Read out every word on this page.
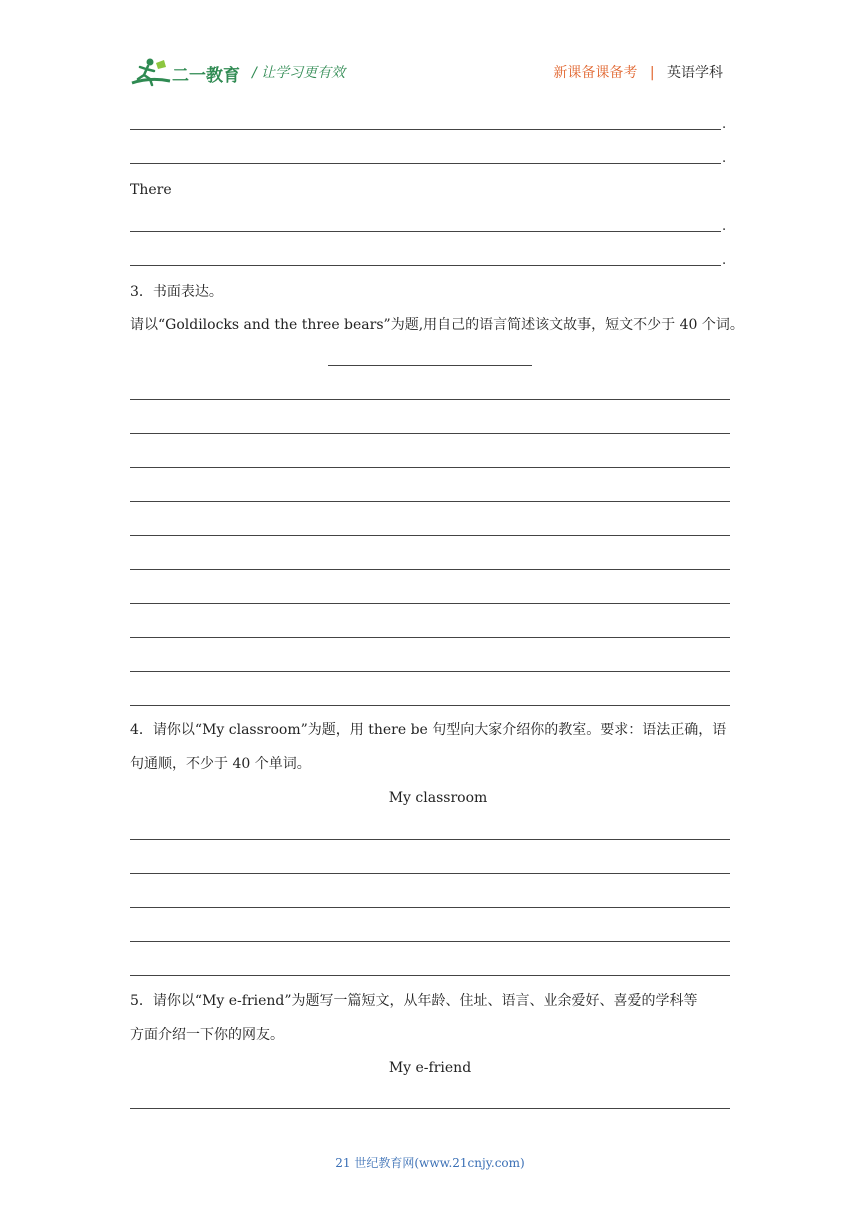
二一教育 / 让学习更有效	新课备课备考 | 英语学科
.
.
There
.
.
3．书面表达。
请以“Goldilocks and the three bears”为题,用自己的语言简述该文故事，短文不少于 40 个词。
4．请你以“My classroom”为题，用 there be 句型向大家介绍你的教室。要求：语法正确，语
句通顺，不少于 40 个单词。
My classroom
5．请你以“My e-friend”为题写一篇短文，从年龄、住址、语言、业余爱好、喜爱的学科等
方面介绍一下你的网友。
My e-friend
21 世纪教育网(www.21cnjy.com)
